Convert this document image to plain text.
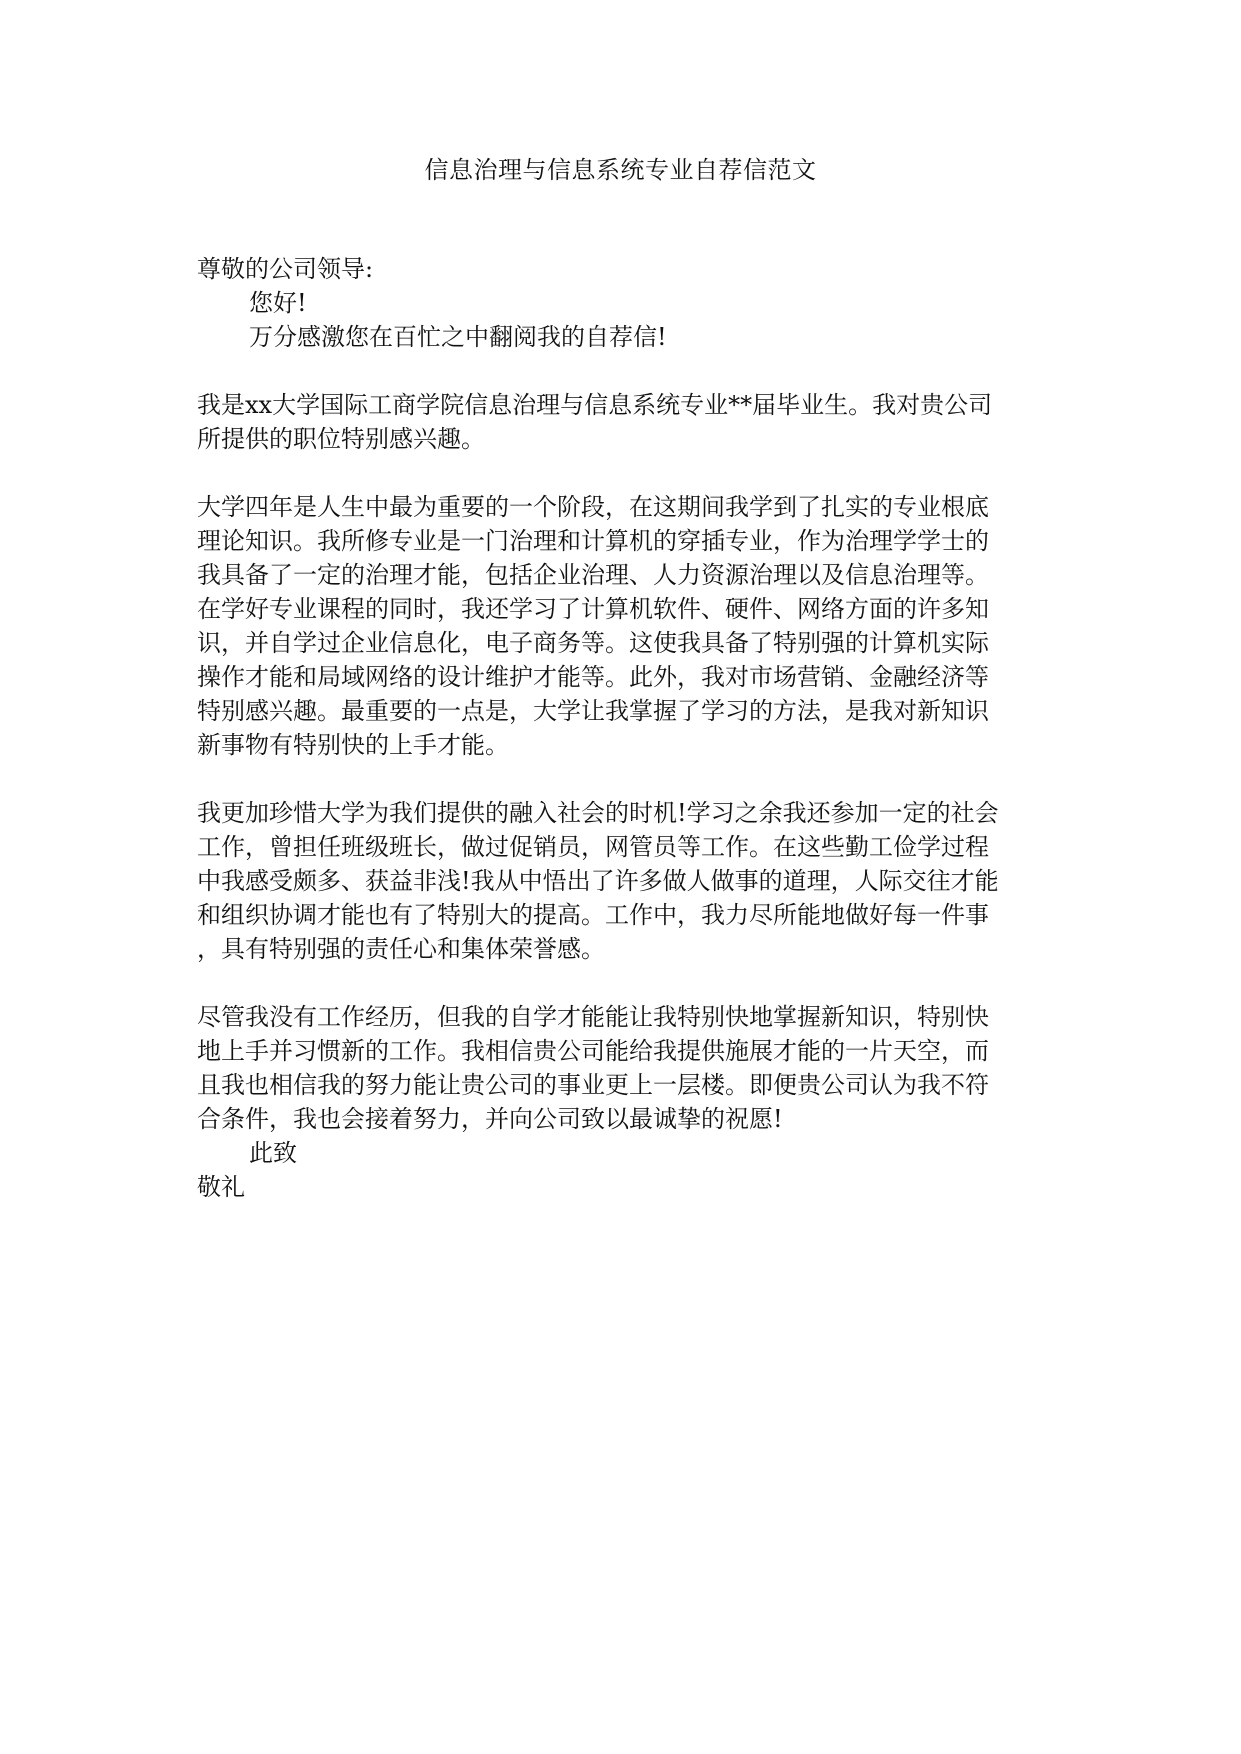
信息治理与信息系统专业自荐信范文
尊敬的公司领导:
您好!
万分感激您在百忙之中翻阅我的自荐信!
我是xx大学国际工商学院信息治理与信息系统专业**届毕业生。我对贵公司
所提供的职位特别感兴趣。
大学四年是人生中最为重要的一个阶段，在这期间我学到了扎实的专业根底
理论知识。我所修专业是一门治理和计算机的穿插专业，作为治理学学士的
我具备了一定的治理才能，包括企业治理、人力资源治理以及信息治理等。
在学好专业课程的同时，我还学习了计算机软件、硬件、网络方面的许多知
识，并自学过企业信息化，电子商务等。这使我具备了特别强的计算机实际
操作才能和局域网络的设计维护才能等。此外，我对市场营销、金融经济等
特别感兴趣。最重要的一点是，大学让我掌握了学习的方法，是我对新知识
新事物有特别快的上手才能。
我更加珍惜大学为我们提供的融入社会的时机!学习之余我还参加一定的社会
工作，曾担任班级班长，做过促销员，网管员等工作。在这些勤工俭学过程
中我感受颇多、获益非浅!我从中悟出了许多做人做事的道理，人际交往才能
和组织协调才能也有了特别大的提高。工作中，我力尽所能地做好每一件事
，具有特别强的责任心和集体荣誉感。
尽管我没有工作经历，但我的自学才能能让我特别快地掌握新知识，特别快
地上手并习惯新的工作。我相信贵公司能给我提供施展才能的一片天空，而
且我也相信我的努力能让贵公司的事业更上一层楼。即便贵公司认为我不符
合条件，我也会接着努力，并向公司致以最诚挚的祝愿!
此致
敬礼
